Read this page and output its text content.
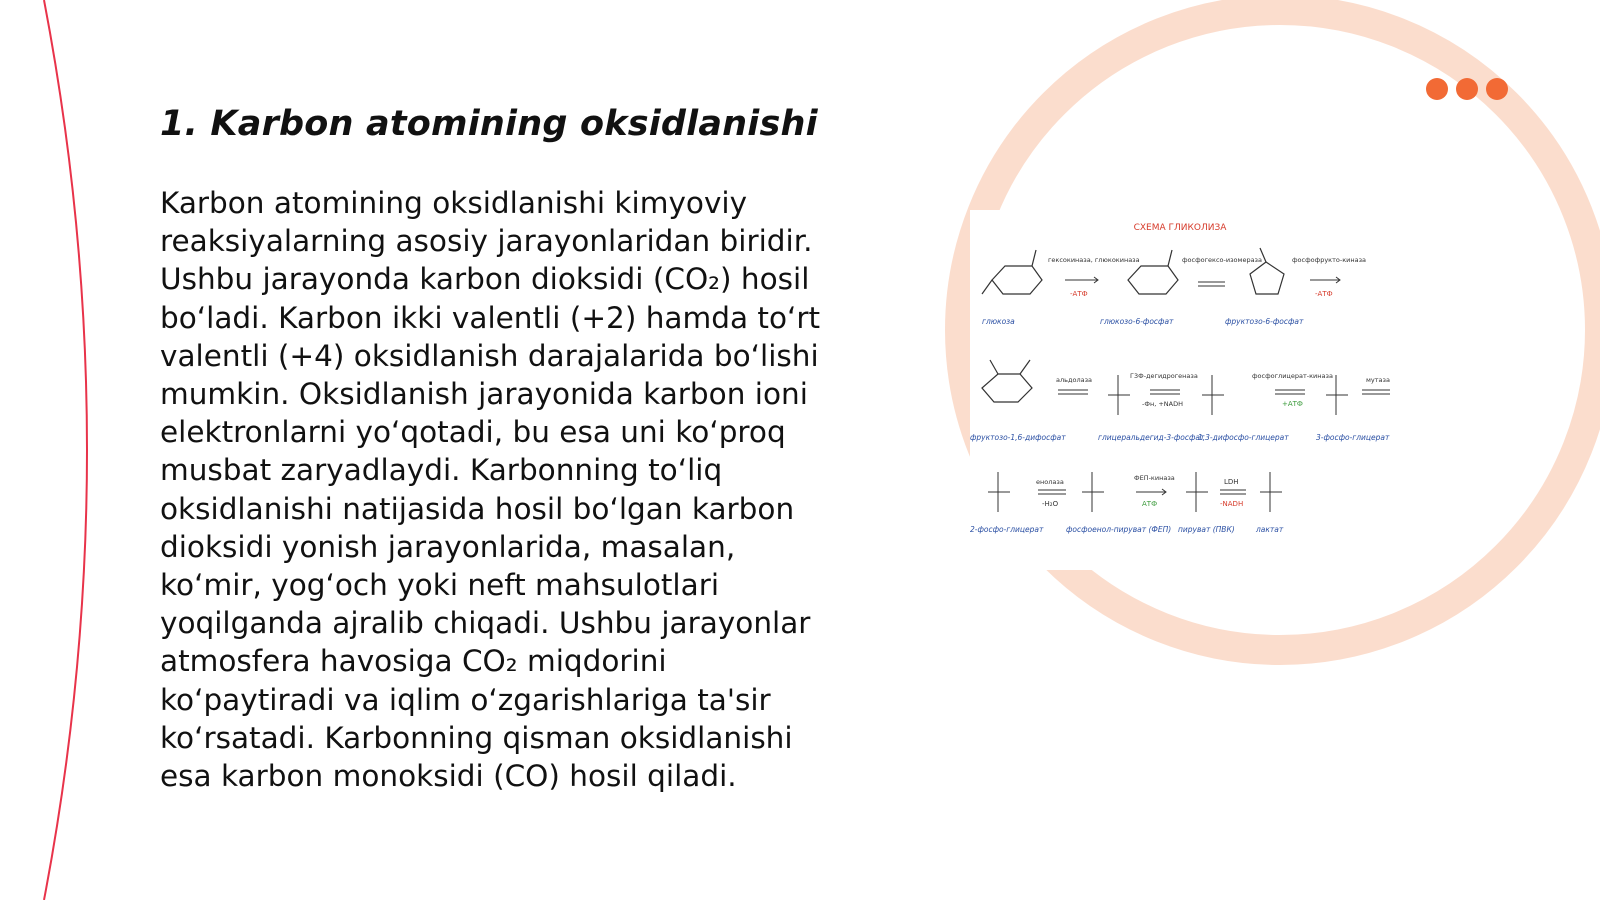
1. Karbon atomining oksidlanishi

Karbon atomining oksidlanishi kimyoviy reaksiyalarning asosiy jarayonlaridan biridir. Ushbu jarayonda karbon dioksidi (CO₂) hosil bo‘ladi. Karbon ikki valentli (+2) hamda to‘rt valentli (+4) oksidlanish darajalarida bo‘lishi mumkin. Oksidlanish jarayonida karbon ioni elektronlarni yo‘qotadi, bu esa uni ko‘proq musbat zaryadlaydi. Karbonning to‘liq oksidlanishi natijasida hosil bo‘lgan karbon dioksidi yonish jarayonlarida, masalan, ko‘mir, yog‘och yoki neft mahsulotlari yoqilganda ajralib chiqadi. Ushbu jarayonlar atmosfera havosiga CO₂ miqdorini ko‘paytiradi va iqlim o‘zgarishlariga ta'sir ko‘rsatadi. Karbonning qisman oksidlanishi esa karbon monoksidi (CO) hosil qiladi.

СХЕМА ГЛИКОЛИЗА
гексокиназа, глюкокиназа
-АТФ
фосфогексо-изомераза	фосфофрукто-киназа
-АТФ
глюкоза	глюкозо-6-фосфат	фруктозо-6-фосфат
альдолаза	Г3Ф-дегидрогеназа
-Фн, +NADH
фосфоглицерат-киназа
+АТФ
мутаза
фруктозо-1,6-дифосфат	глицеральдегид-3-фосфат
1,3-дифосфо-глицерат	3-фосфо-глицерат
енолаза
-H₂O
ФЕП-киназа
АТФ
LDH
-NADH
2-фосфо-глицерат	фосфоенол-пируват (ФЕП) пируват (ПВК)	лактат
